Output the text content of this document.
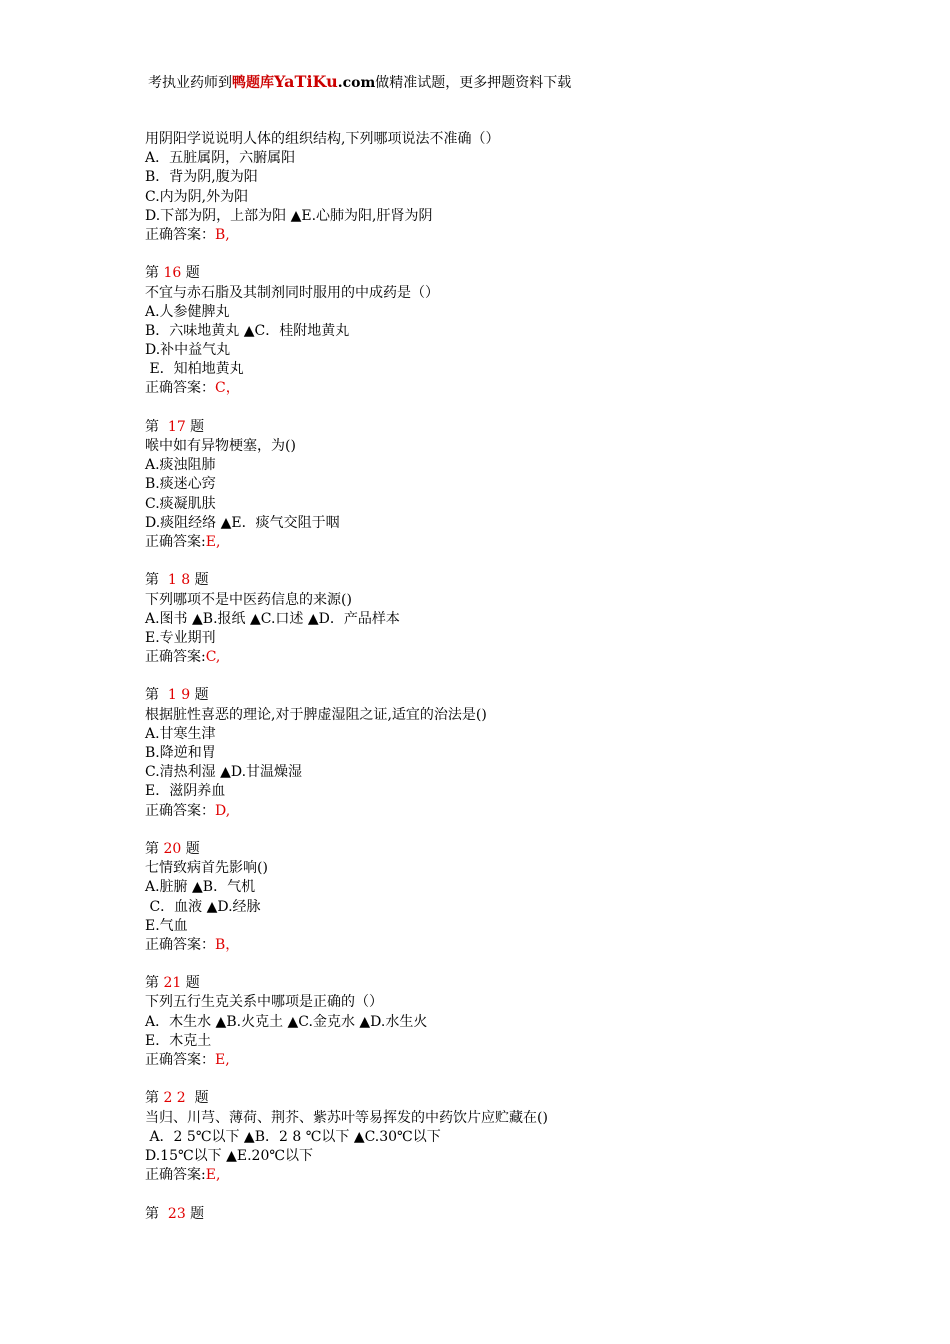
考执业药师到鸭题库YaTiKu.com做精准试题，更多押题资料下载
用阴阳学说说明人体的组织结构,下列哪项说法不准确（）
A．五脏属阴，六腑属阳
B．背为阴,腹为阳
C.内为阴,外为阳
D.下部为阴，上部为阳 ▲E.心肺为阳,肝肾为阴
正确答案：B,
第 16 题
不宜与赤石脂及其制剂同时服用的中成药是（）
A.人参健脾丸
B．六味地黄丸 ▲C．桂附地黄丸
D.补中益气丸
E．知柏地黄丸
正确答案：C，
第  17 题
喉中如有异物梗塞，为()
A.痰浊阻肺
B.痰迷心窍
C.痰凝肌肤
D.痰阻经络 ▲E．痰气交阻于咽
正确答案:E,
第  1 8 题
下列哪项不是中医药信息的来源()
A.图书 ▲B.报纸 ▲C.口述 ▲D．产品样本
E.专业期刊
正确答案:C,
第  1 9 题
根据脏性喜恶的理论,对于脾虚湿阻之证,适宜的治法是()
A.甘寒生津
B.降逆和胃
C.清热利湿 ▲D.甘温燥湿
E．滋阴养血
正确答案：D,
第 20 题
七情致病首先影响()
A.脏腑 ▲B．气机
C．血液 ▲D.经脉
E.气血
正确答案：B，
第 21 题
下列五行生克关系中哪项是正确的（）
A．木生水 ▲B.火克土 ▲C.金克水 ▲D.水生火
E．木克土
正确答案：E,
第 2 2  题
当归、川芎、薄荷、荆芥、紫苏叶等易挥发的中药饮片应贮藏在()
A．2 5℃以下 ▲B．2 8 ℃以下 ▲C.30℃以下
D.15℃以下 ▲E.20℃以下
正确答案:E,
第  23 题
